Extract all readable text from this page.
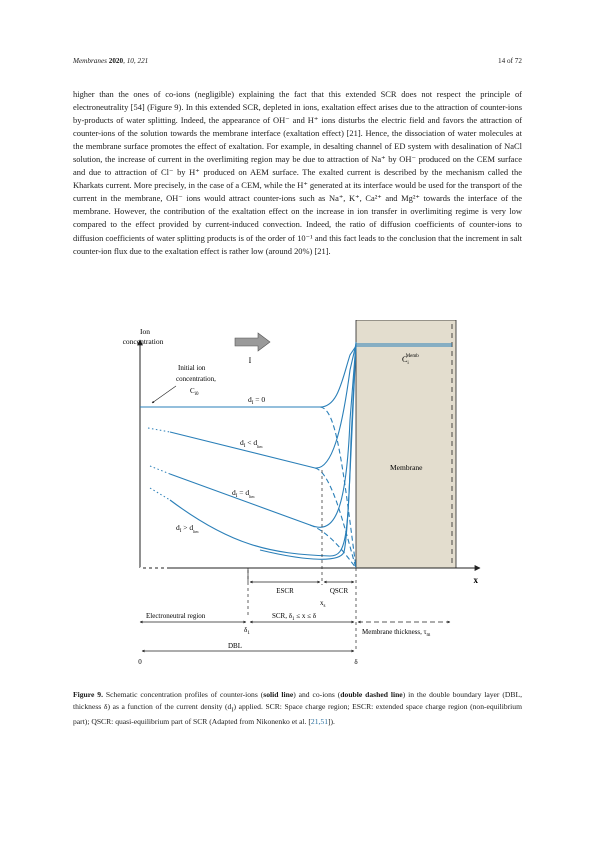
Membranes 2020, 10, 221	14 of 72

higher than the ones of co-ions (negligible) explaining the fact that this extended SCR does not respect the principle of electroneutrality [54] (Figure 9). In this extended SCR, depleted in ions, exaltation effect arises due to the attraction of counter-ions by-products of water splitting. Indeed, the appearance of OH⁻ and H⁺ ions disturbs the electric field and favors the attraction of counter-ions of the solution towards the membrane interface (exaltation effect) [21]. Hence, the dissociation of water molecules at the membrane surface promotes the effect of exaltation. For example, in desalting channel of ED system with desalination of NaCl solution, the increase of current in the overlimiting region may be due to attraction of Na⁺ by OH⁻ produced on the CEM surface and due to attraction of Cl⁻ by H⁺ produced on AEM surface. The exalted current is described by the mechanism called the Kharkats current. More precisely, in the case of a CEM, while the H⁺ generated at its interface would be used for the transport of the current in the membrane, OH⁻ ions would attract counter-ions such as Na⁺, K⁺, Ca²⁺ and Mg²⁺ towards the interface of the membrane. However, the contribution of the exaltation effect on the increase in ion transfer in overlimiting regime is very low compared to the effect provided by current-induced convection. Indeed, the ratio of diffusion coefficients of counter-ions to diffusion coefficients of water splitting products is of the order of 10⁻¹ and this fact leads to the conclusion that the increment in salt counter-ion flux due to the exaltation effect is rather low (around 20%) [21].

Ion
concentration
I
Initial ion
concentration,
$C_{i0}$
$C_iMemb$
Membrane
$d_I = 0$
$d_I < d_{lim}$
$d_I = d_{lim}$
$d_I > d_{lim}$
ESCR	QSCR
$x_s$
x
Electroneutral region
$\delta_1$
SCR, $\delta_1 \le x \le \delta$
Membrane thickness, $\tau_m$
DBL
0	δ

Figure 9. Schematic concentration profiles of counter-ions (solid line) and co-ions (double dashed line) in the double boundary layer (DBL, thickness δ) as a function of the current density $(d_I)$ applied. SCR: Space charge region; ESCR: extended space charge region (non-equilibrium part); QSCR: quasi-equilibrium part of SCR (Adapted from Nikonenko et al. [21,51]).
